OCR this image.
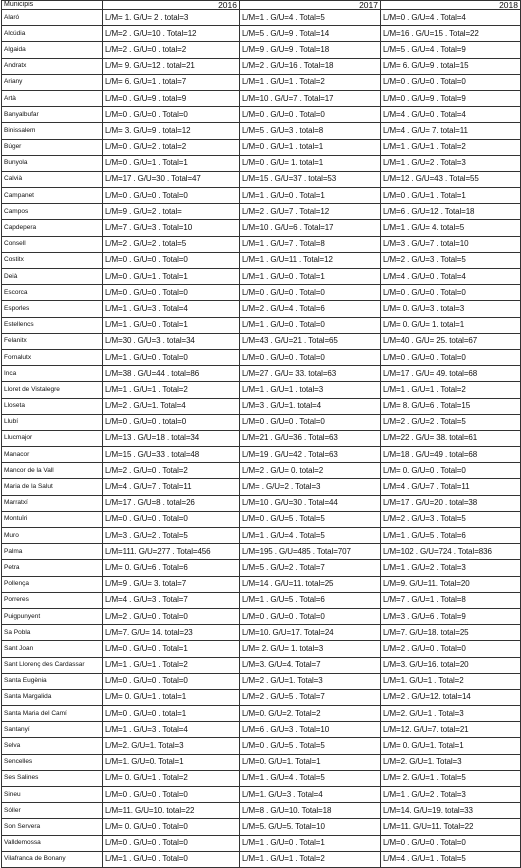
Municipis	2016	2017	2018
Alaró	L/M= 1. G/U= 2 . total=3	L/M=1 . G/U=4 . Total=5	L/M=0 . G/U=4 . Total=4
Alcúdia	L/M=2 . G/U=10 . Total=12	L/M=5 . G/U=9 . Total=14	L/M=16 . G/U=15 . Total=22
Algaida	L/M=2 . G/U=0 . total=2	L/M=9 . G/U=9 . Total=18	L/M=5 . G/U=4 . Total=9
Andratx	L/M= 9. G/U=12 . total=21	L/M=2 . G/U=16 . Total=18	L/M= 6. G/U=9 . total=15
Ariany	L/M= 6. G/U=1 . total=7	L/M=1 . G/U=1 . Total=2	L/M=0 . G/U=0 . Total=0
Artà	L/M=0 . G/U=9 . total=9	L/M=10 . G/U=7 . Total=17	L/M=0 . G/U=9 . Total=9
Banyalbufar	L/M=0 . G/U=0 . Total=0	L/M=0 . G/U=0 . Total=0	L/M=4 . G/U=0 . Total=4
Binissalem	L/M= 3. G/U=9 . total=12	L/M=5 . G/U=3 . total=8	L/M=4 . G/U= 7. total=11
Búger	L/M=0 . G/U=2 . total=2	L/M=0 . G/U=1 . total=1	L/M=1 . G/U=1 . Total=2
Bunyola	L/M=0 . G/U=1 . Total=1	L/M=0 . G/U= 1. total=1	L/M=1 . G/U=2 . Total=3
Calvià	L/M=17 . G/U=30 . Total=47	L/M=15 . G/U=37 . total=53	L/M=12 . G/U=43 . Total=55
Campanet	L/M=0 . G/U=0 . Total=0	L/M=1 . G/U=0 . Total=1	L/M=0 . G/U=1 . Total=1
Campos	L/M=9 . G/U=2 . total=	L/M=2 . G/U=7 . Total=12	L/M=6 . G/U=12 . Total=18
Capdepera	L/M=7 . G/U=3 . Total=10	L/M=10 . G/U=6 . Total=17	L/M=1 . G/U= 4. total=5
Consell	L/M=2 . G/U=2 . total=5	L/M=1 . G/U=7 . Total=8	L/M=3 . G/U=7 . total=10
Costitx	L/M=0 . G/U=0 . Total=0	L/M=1 . G/U=11 . Total=12	L/M=2 . G/U=3 . Total=5
Deià	L/M=0 . G/U=1 . Total=1	L/M=1 . G/U=0 . Total=1	L/M=4 . G/U=0 . Total=4
Escorca	L/M=0 . G/U=0 . Total=0	L/M=0 . G/U=0 . Total=0	L/M=0 . G/U=0 . Total=0
Esporles	L/M=1 . G/U=3 . Total=4	L/M=2 . G/U=4 . Total=6	L/M= 0. G/U=3 . total=3
Estellencs	L/M=1 . G/U=0 . Total=1	L/M=1 . G/U=0 . Total=0	L/M= 0. G/U= 1. total=1
Felanitx	L/M=30 . G/U=3 . total=34	L/M=43 . G/U=21 . Total=65	L/M=40 . G/U= 25. total=67
Fornalutx	L/M=1 . G/U=0 . Total=0	L/M=0 . G/U=0 . Total=0	L/M=0 . G/U=0 . Total=0
Inca	L/M=38 . G/U=44 . total=86	L/M=27 . G/U= 33. total=63	L/M=17 . G/U= 49. total=68
Lloret de Vistalegre	L/M=1 . G/U=1 . Total=2	L/M=1 . G/U=1 . total=3	L/M=1 . G/U=1 . Total=2
Lloseta	L/M=2 . G/U=1. Total=4	L/M=3 . G/U=1. total=4	L/M= 8. G/U=6 . Total=15
Llubí	L/M=0 . G/U=0 . total=0	L/M=0 . G/U=0 . Total=0	L/M=2 . G/U=2 . Total=5
Llucmajor	L/M=13 . G/U=18 . total=34	L/M=21 . G/U=36 . Total=63	L/M=22 . G/U= 38. total=61
Manacor	L/M=15 . G/U=33 . total=48	L/M=19 . G/U=42 . Total=63	L/M=18 . G/U=49 . total=68
Mancor de la Vall	L/M=2 . G/U=0 . Total=2	L/M=2 . G/U= 0. total=2	L/M= 0. G/U=0 . Total=0
Maria de la Salut	L/M=4 . G/U=7 . Total=11	L/M= . G/U=2 . Total=3	L/M=4 . G/U=7 . Total=11
Marratxí	L/M=17 . G/U=8 . total=26	L/M=10 . G/U=30 . Total=44	L/M=17 . G/U=20 . total=38
Montuïri	L/M=0 . G/U=0 . Total=0	L/M=0 . G/U=5 . Total=5	L/M=2 . G/U=3 . Total=5
Muro	L/M=3 . G/U=2 . Total=5	L/M=1 . G/U=4 . Total=5	L/M=1 . G/U=5 . Total=6
Palma	L/M=111. G/U=277 . Total=456	L/M=195 . G/U=485 . Total=707	L/M=102 . G/U=724 . Total=836
Petra	L/M= 0. G/U=6 . Total=6	L/M=5 . G/U=2 . Total=7	L/M=1 . G/U=2 . Total=3
Pollença	L/M=9 . G/U= 3. total=7	L/M=14 . G/U=11. total=25	L/M=9. G/U=11. Total=20
Porreres	L/M=4 . G/U=3 . Total=7	L/M=1 . G/U=5 . Total=6	L/M=7 . G/U=1 . Total=8
Puigpunyent	L/M=2 . G/U=0 . Total=0	L/M=0 . G/U=0 . Total=0	L/M=3 . G/U=6 . Total=9
Sa Pobla	L/M=7. G/U= 14. total=23	L/M=10. G/U=17. Total=24	L/M=7. G/U=18. total=25
Sant Joan	L/M=0 . G/U=0 . Total=1	L/M= 2. G/U= 1. total=3	L/M=2 . G/U=0 . Total=0
Sant Llorenç des Cardassar	L/M=1 . G/U=1 . Total=2	L/M=3. G/U=4. Total=7	L/M=3. G/U=16. total=20
Santa Eugènia	L/M=0 . G/U=0 . Total=0	L/M=2 . G/U=1. Total=3	L/M=1. G/U=1 . Total=2
Santa Margalida	L/M= 0. G/U=1 . total=1	L/M=2 . G/U=5 . Total=7	L/M=2 . G/U=12. total=14
Santa Maria del Camí	L/M=0 . G/U=0 . total=1	L/M=0. G/U=2. Total=2	L/M=2. G/U=1 . Total=3
Santanyí	L/M=1 . G/U=3 . Total=4	L/M=6 . G/U=3 . Total=10	L/M=12. G/U=7. total=21
Selva	L/M=2. G/U=1. Total=3	L/M=0 . G/U=5 . Total=5	L/M= 0. G/U=1. Total=1
Sencelles	L/M=1. G/U=0. Total=1	L/M=0. G/U=1. Total=1	L/M=2. G/U=1. Total=3
Ses Salines	L/M= 0. G/U=1 . Total=2	L/M=1 . G/U=4 . Total=5	L/M= 2. G/U=1 . Total=5
Sineu	L/M=0 . G/U=0 . Total=0	L/M=1. G/U=3 . Total=4	L/M=1 . G/U=2 . Total=3
Sóller	L/M=11. G/U=10. total=22	L/M=8 . G/U=10. Total=18	L/M=14. G/U=19. total=33
Son Servera	L/M= 0. G/U=0 . Total=0	L/M=5. G/U=5. Total=10	L/M=11. G/U=11. Total=22
Valldemossa	L/M=0 . G/U=0 . Total=0	L/M=1 . G/U=0 . Total=1	L/M=0 . G/U=0 . Total=0
Vilafranca de Bonany	L/M=1 . G/U=0 . Total=0	L/M=1 . G/U=1 . Total=2	L/M=4 . G/U=1 . Total=5
